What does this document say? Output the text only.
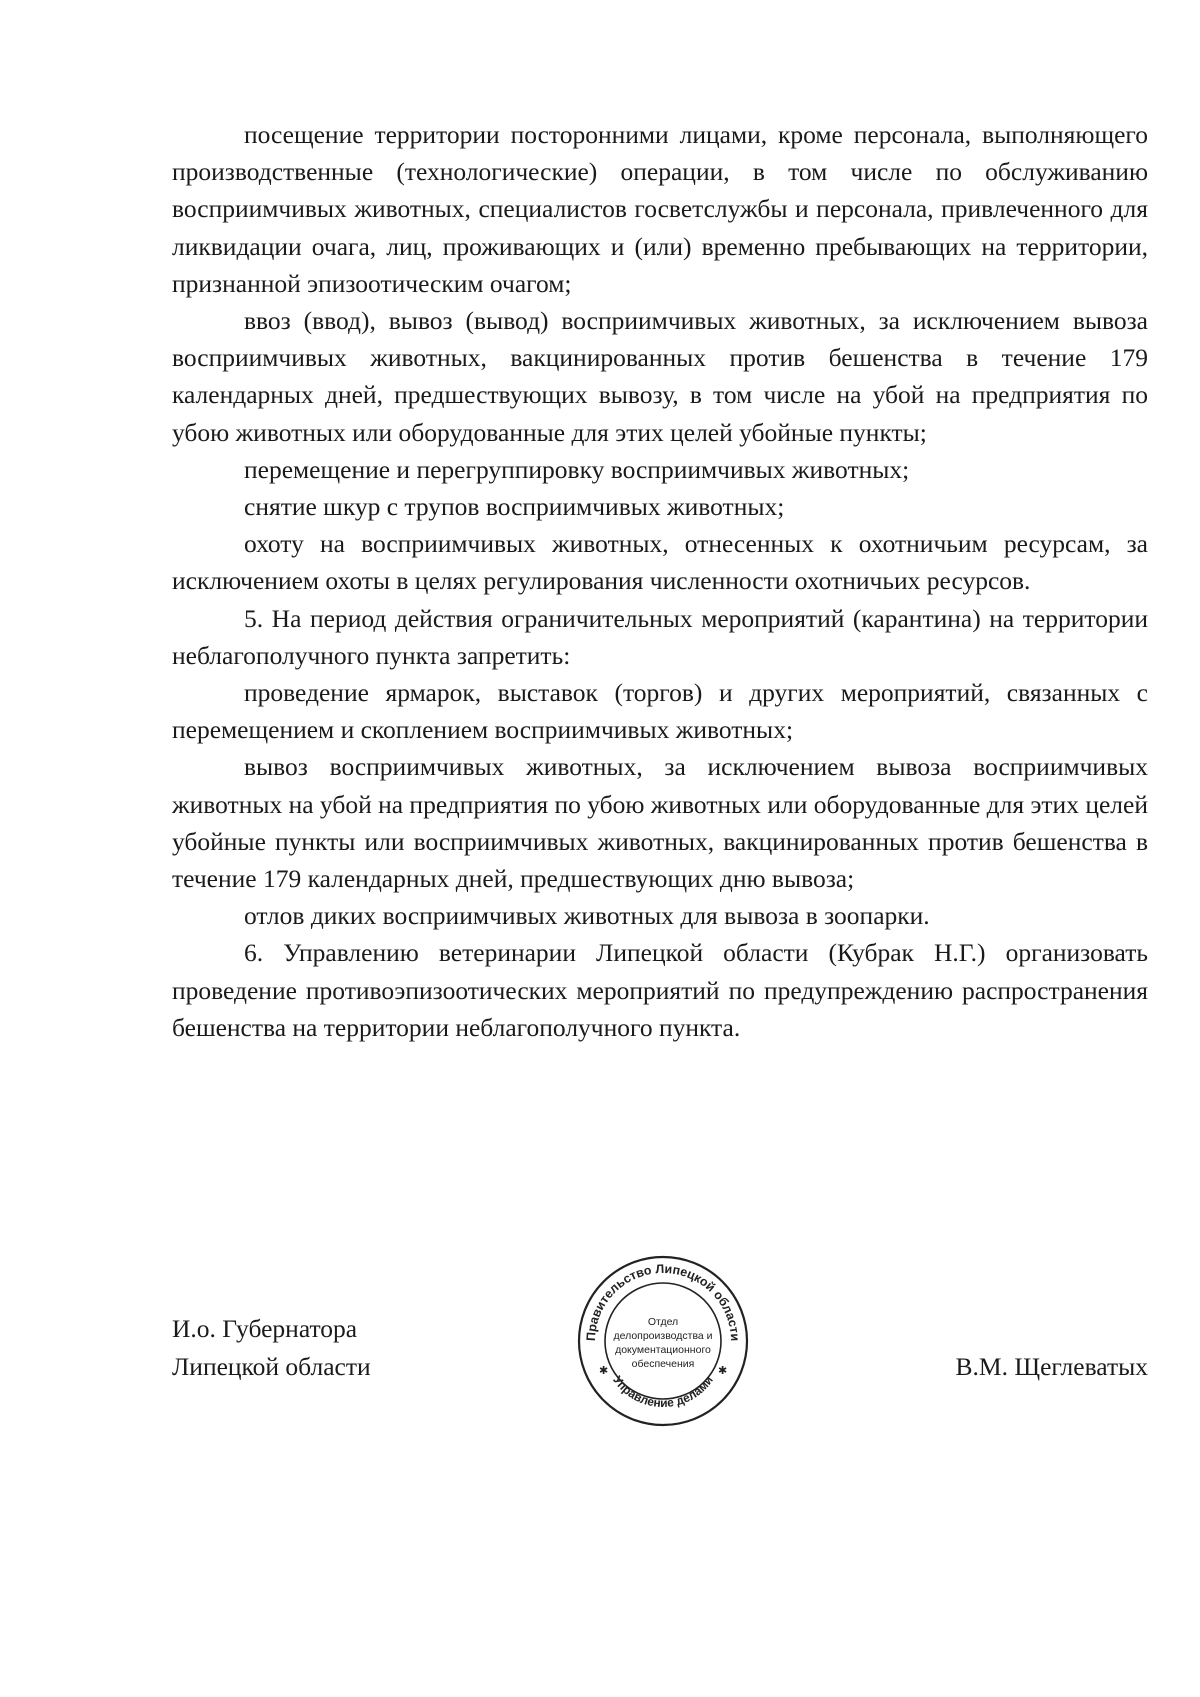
посещение территории посторонними лицами, кроме персонала, выполняющего производственные (технологические) операции, в том числе по обслуживанию восприимчивых животных, специалистов госветслужбы и персонала, привлеченного для ликвидации очага, лиц, проживающих и (или) временно пребывающих на территории, признанной эпизоотическим очагом;

ввоз (ввод), вывоз (вывод) восприимчивых животных, за исключением вывоза восприимчивых животных, вакцинированных против бешенства в течение 179 календарных дней, предшествующих вывозу, в том числе на убой на предприятия по убою животных или оборудованные для этих целей убойные пункты;

перемещение и перегруппировку восприимчивых животных;

снятие шкур с трупов восприимчивых животных;

охоту на восприимчивых животных, отнесенных к охотничьим ресурсам, за исключением охоты в целях регулирования численности охотничьих ресурсов.

5. На период действия ограничительных мероприятий (карантина) на территории неблагополучного пункта запретить:

проведение ярмарок, выставок (торгов) и других мероприятий, связанных с перемещением и скоплением восприимчивых животных;

вывоз восприимчивых животных, за исключением вывоза восприимчивых животных на убой на предприятия по убою животных или оборудованные для этих целей убойные пункты или восприимчивых животных, вакцинированных против бешенства в течение 179 календарных дней, предшествующих дню вывоза;

отлов диких восприимчивых животных для вывоза в зоопарки.

6. Управлению ветеринарии Липецкой области (Кубрак Н.Г.) организовать проведение противоэпизоотических мероприятий по предупреждению распространения бешенства на территории неблагополучного пункта.

И.о. Губернатора
Липецкой области	В.М. Щеглеватых
Правительство Липецкой области
Управление делами
✱	✱
Отдел
делопроизводства и
документационного
обеспечения
